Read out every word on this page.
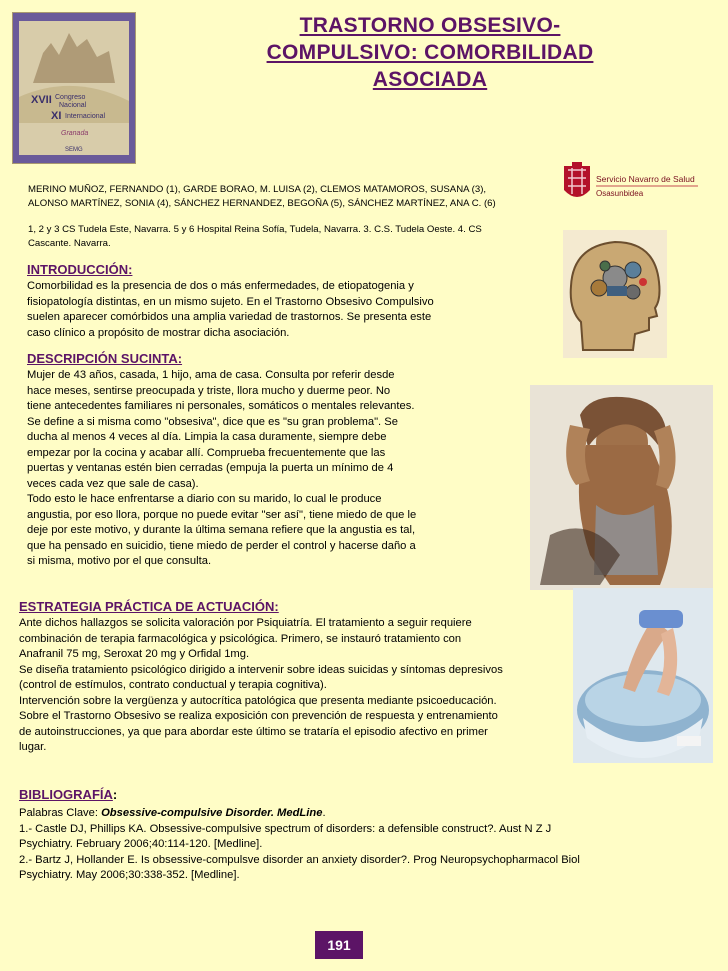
XVII Congreso
Nacional
XI Internacional
Granada
SEMG
TRASTORNO OBSESIVO-
COMPULSIVO: COMORBILIDAD
ASOCIADA
Servicio Navarro de Salud
Osasunbidea
MERINO MUÑOZ, FERNANDO (1), GARDE BORAO, M. LUISA (2), CLEMOS MATAMOROS, SUSANA (3),
ALONSO MARTÍNEZ, SONIA (4), SÁNCHEZ HERNANDEZ, BEGOÑA (5), SÁNCHEZ MARTÍNEZ, ANA C. (6)
1, 2 y 3 CS Tudela Este, Navarra. 5 y 6 Hospital Reina Sofía, Tudela, Navarra. 3. C.S. Tudela Oeste. 4. CS
Cascante. Navarra.
INTRODUCCIÓN:
Comorbilidad es la presencia de dos o más enfermedades, de etiopatogenia y
fisiopatología distintas, en un mismo sujeto. En el Trastorno Obsesivo Compulsivo
suelen aparecer comórbidos una amplia variedad de trastornos. Se presenta este
caso clínico a propósito de mostrar dicha asociación.
DESCRIPCIÓN SUCINTA:
Mujer de 43 años, casada, 1 hijo, ama de casa. Consulta por referir desde
hace meses, sentirse preocupada y triste, llora mucho y duerme peor. No
tiene antecedentes familiares ni personales, somáticos o mentales relevantes.
Se define a si misma como "obsesiva", dice que es "su gran problema". Se
ducha al menos 4 veces al día. Limpia la casa duramente, siempre debe
empezar por la cocina y acabar allí. Comprueba frecuentemente que las
puertas y ventanas estén bien cerradas (empuja la puerta un mínimo de 4
veces cada vez que sale de casa).
Todo esto le hace enfrentarse a diario con su marido, lo cual le produce
angustia, por eso llora, porque no puede evitar "ser así", tiene miedo de que le
deje por este motivo, y durante la última semana refiere que la angustia es tal,
que ha pensado en suicidio, tiene miedo de perder el control y hacerse daño a
si misma, motivo por el que consulta.
ESTRATEGIA PRÁCTICA DE ACTUACIÓN:
Ante dichos hallazgos se solicita valoración por Psiquiatría. El tratamiento a seguir requiere
combinación de terapia farmacológica y psicológica. Primero, se instauró tratamiento con
Anafranil 75 mg, Seroxat 20 mg y Orfidal 1mg.
Se diseña tratamiento psicológico dirigido a intervenir sobre ideas suicidas y síntomas depresivos
(control de estímulos, contrato conductual y terapia cognitiva).
Intervención sobre la vergüenza y autocrítica patológica que presenta mediante psicoeducación.
Sobre el Trastorno Obsesivo se realiza exposición con prevención de respuesta y entrenamiento
de autoinstrucciones, ya que para abordar este último se trataría el episodio afectivo en primer
lugar.
BIBLIOGRAFÍA:
Palabras Clave: Obsessive-compulsive Disorder. MedLine.
1.- Castle DJ, Phillips KA. Obsessive-compulsive spectrum of disorders: a defensible construct?. Aust N Z J
Psychiatry. February 2006;40:114-120. [Medline].
2.- Bartz J, Hollander E. Is obsessive-compulsve disorder an anxiety disorder?. Prog Neuropsychopharmacol Biol
Psychiatry. May 2006;30:338-352. [Medline].
191
